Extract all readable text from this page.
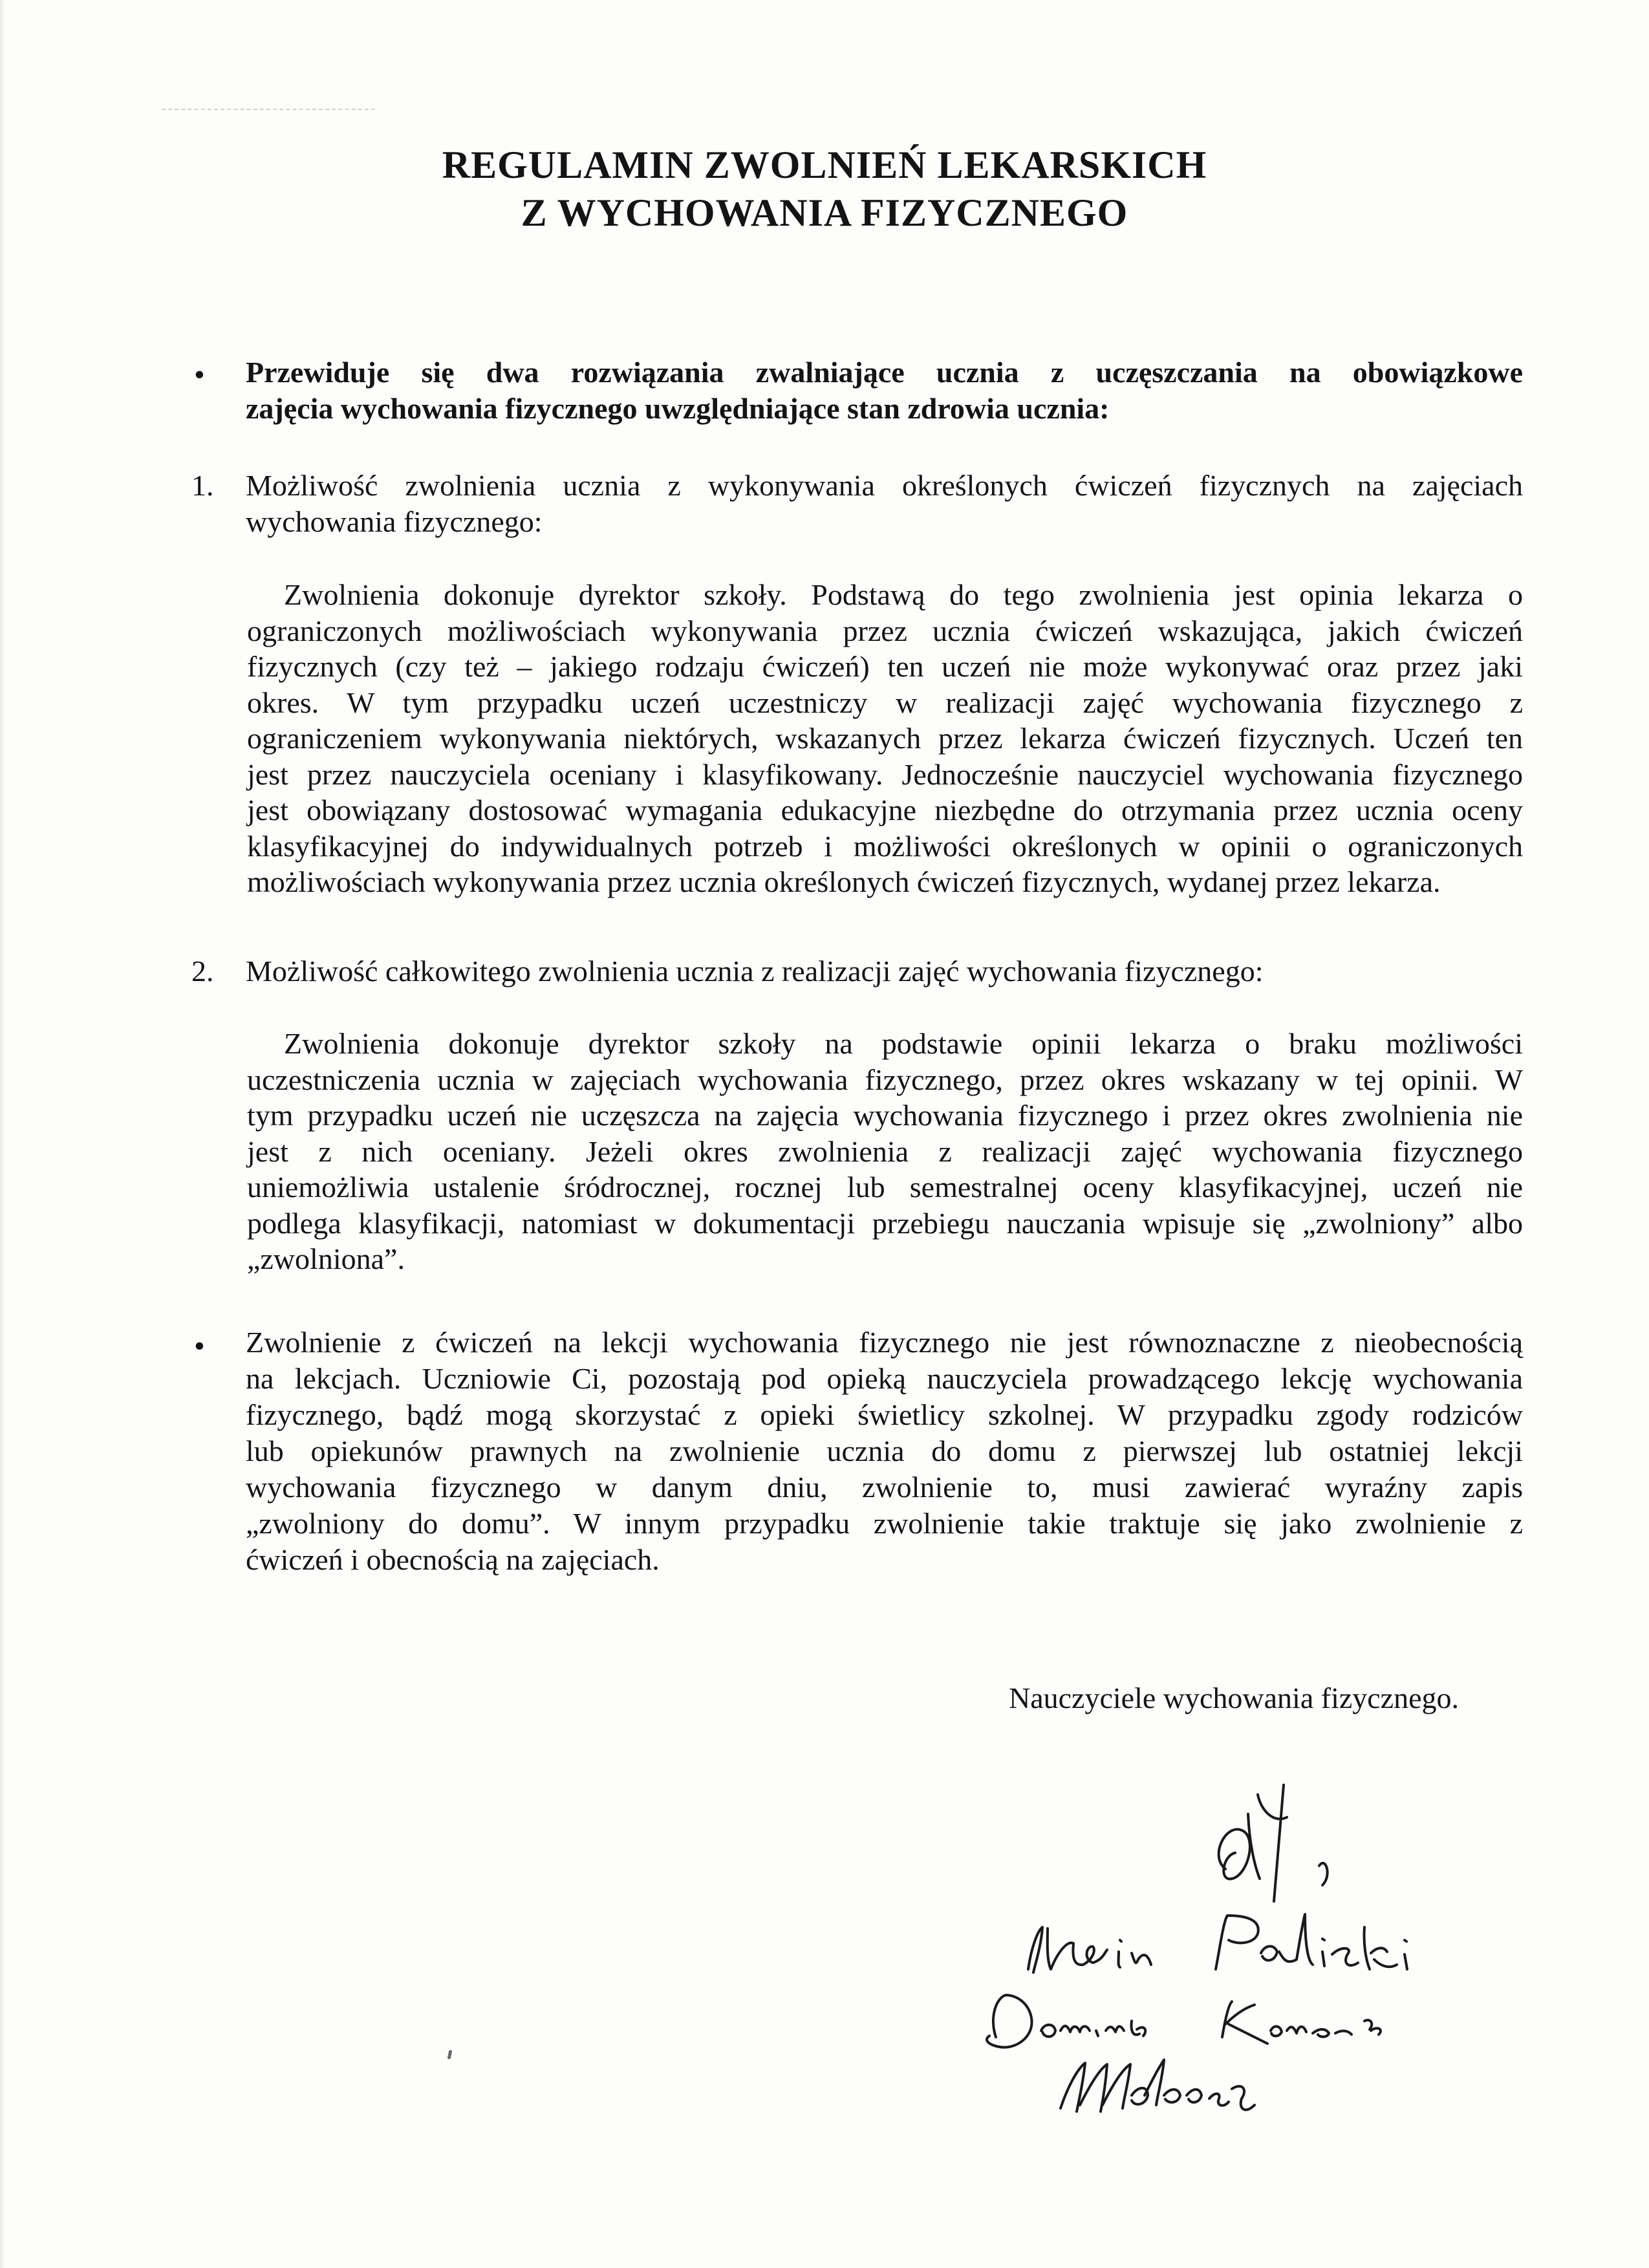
REGULAMIN ZWOLNIEŃ LEKARSKICH
Z WYCHOWANIA FIZYCZNEGO
• Przewiduje się dwa rozwiązania zwalniające ucznia z uczęszczania na obowiązkowe
zajęcia wychowania fizycznego uwzględniające stan zdrowia ucznia:
1. Możliwość zwolnienia ucznia z wykonywania określonych ćwiczeń fizycznych na zajęciach
wychowania fizycznego:
Zwolnienia dokonuje dyrektor szkoły. Podstawą do tego zwolnienia jest opinia lekarza o
ograniczonych możliwościach wykonywania przez ucznia ćwiczeń wskazująca, jakich ćwiczeń
fizycznych (czy też – jakiego rodzaju ćwiczeń) ten uczeń nie może wykonywać oraz przez jaki
okres. W tym przypadku uczeń uczestniczy w realizacji zajęć wychowania fizycznego z
ograniczeniem wykonywania niektórych, wskazanych przez lekarza ćwiczeń fizycznych. Uczeń ten
jest przez nauczyciela oceniany i klasyfikowany. Jednocześnie nauczyciel wychowania fizycznego
jest obowiązany dostosować wymagania edukacyjne niezbędne do otrzymania przez ucznia oceny
klasyfikacyjnej do indywidualnych potrzeb i możliwości określonych w opinii o ograniczonych
możliwościach wykonywania przez ucznia określonych ćwiczeń fizycznych, wydanej przez lekarza.
2. Możliwość całkowitego zwolnienia ucznia z realizacji zajęć wychowania fizycznego:
Zwolnienia dokonuje dyrektor szkoły na podstawie opinii lekarza o braku możliwości
uczestniczenia ucznia w zajęciach wychowania fizycznego, przez okres wskazany w tej opinii. W
tym przypadku uczeń nie uczęszcza na zajęcia wychowania fizycznego i przez okres zwolnienia nie
jest z nich oceniany. Jeżeli okres zwolnienia z realizacji zajęć wychowania fizycznego
uniemożliwia ustalenie śródrocznej, rocznej lub semestralnej oceny klasyfikacyjnej, uczeń nie
podlega klasyfikacji, natomiast w dokumentacji przebiegu nauczania wpisuje się „zwolniony” albo
„zwolniona”.
• Zwolnienie z ćwiczeń na lekcji wychowania fizycznego nie jest równoznaczne z nieobecnością
na lekcjach. Uczniowie Ci, pozostają pod opieką nauczyciela prowadzącego lekcję wychowania
fizycznego, bądź mogą skorzystać z opieki świetlicy szkolnej. W przypadku zgody rodziców
lub opiekunów prawnych na zwolnienie ucznia do domu z pierwszej lub ostatniej lekcji
wychowania fizycznego w danym dniu, zwolnienie to, musi zawierać wyraźny zapis
„zwolniony do domu”. W innym przypadku zwolnienie takie traktuje się jako zwolnienie z
ćwiczeń i obecnością na zajęciach.
Nauczyciele wychowania fizycznego.
